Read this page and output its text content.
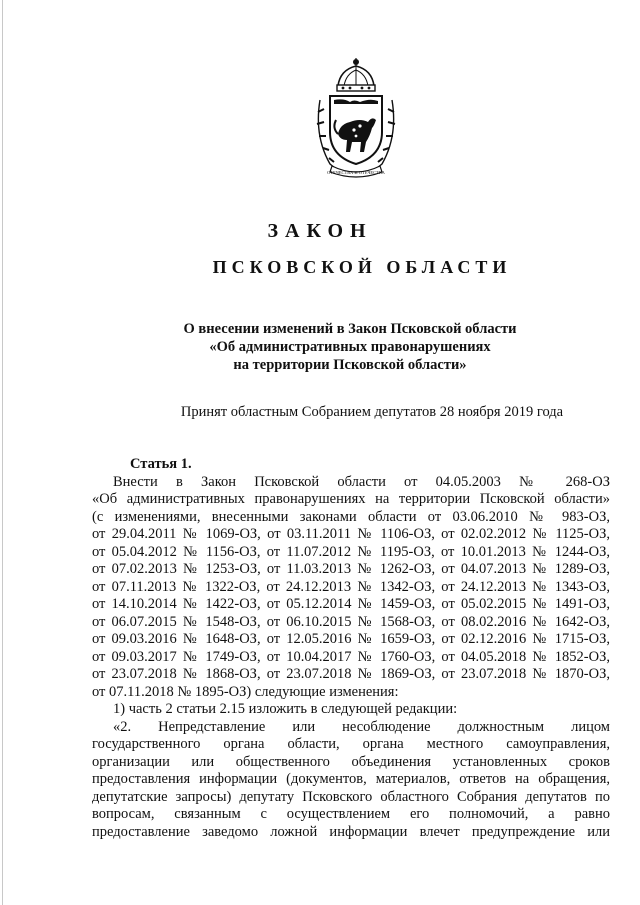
ОТЕЧЕСТВА И ОТЕЧЕСТВА
ЗАКОН
ПСКОВСКОЙ ОБЛАСТИ
О внесении изменений в Закон Псковской области
«Об административных правонарушениях
на территории Псковской области»
Принят областным Собранием депутатов 28 ноября 2019 года
Статья 1.
Внести в Закон Псковской области от 04.05.2003 № 268-ОЗ
«Об административных правонарушениях на территории Псковской области»
(с изменениями, внесенными законами области от 03.06.2010 № 983-ОЗ,
от 29.04.2011 № 1069-ОЗ, от 03.11.2011 № 1106-ОЗ, от 02.02.2012 № 1125-ОЗ,
от 05.04.2012 № 1156-ОЗ, от 11.07.2012 № 1195-ОЗ, от 10.01.2013 № 1244-ОЗ,
от 07.02.2013 № 1253-ОЗ, от 11.03.2013 № 1262-ОЗ, от 04.07.2013 № 1289-ОЗ,
от 07.11.2013 № 1322-ОЗ, от 24.12.2013 № 1342-ОЗ, от 24.12.2013 № 1343-ОЗ,
от 14.10.2014 № 1422-ОЗ, от 05.12.2014 № 1459-ОЗ, от 05.02.2015 № 1491-ОЗ,
от 06.07.2015 № 1548-ОЗ, от 06.10.2015 № 1568-ОЗ, от 08.02.2016 № 1642-ОЗ,
от 09.03.2016 № 1648-ОЗ, от 12.05.2016 № 1659-ОЗ, от 02.12.2016 № 1715-ОЗ,
от 09.03.2017 № 1749-ОЗ, от 10.04.2017 № 1760-ОЗ, от 04.05.2018 № 1852-ОЗ,
от 23.07.2018 № 1868-ОЗ, от 23.07.2018 № 1869-ОЗ, от 23.07.2018 № 1870-ОЗ,
от 07.11.2018 № 1895-ОЗ) следующие изменения:
1) часть 2 статьи 2.15 изложить в следующей редакции:
«2. Непредставление или несоблюдение должностным лицом
государственного органа области, органа местного самоуправления,
организации или общественного объединения установленных сроков
предоставления информации (документов, материалов, ответов на обращения,
депутатские запросы) депутату Псковского областного Собрания депутатов по
вопросам, связанным с осуществлением его полномочий, а равно
предоставление заведомо ложной информации влечет предупреждение или
